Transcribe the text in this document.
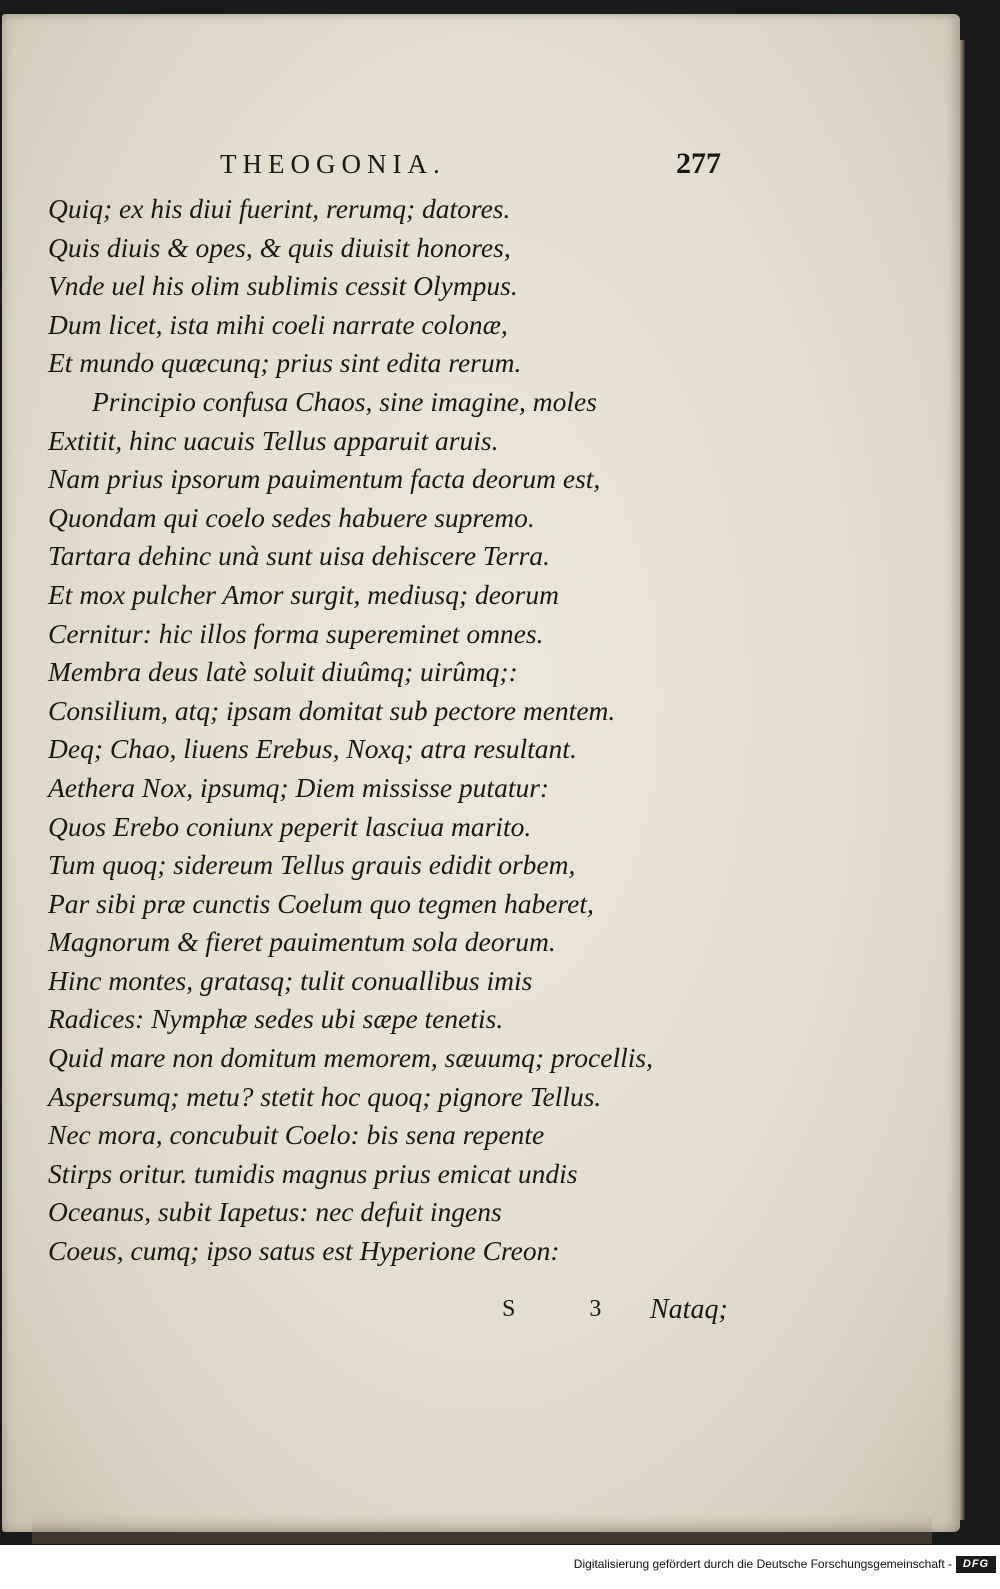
THEOGONIA.	277
Quiq; ex his diui fuerint, rerumq; datores.
Quis diuis & opes, & quis diuisit honores,
Vnde uel his olim sublimis cessit Olympus.
Dum licet, ista mihi coeli narrate colonæ,
Et mundo quæcunq; prius sint edita rerum.
Principio confusa Chaos, sine imagine, moles
Extitit, hinc uacuis Tellus apparuit aruis.
Nam prius ipsorum pauimentum facta deorum est,
Quondam qui coelo sedes habuere supremo.
Tartara dehinc unà sunt uisa dehiscere Terra.
Et mox pulcher Amor surgit, mediusq; deorum
Cernitur: hic illos forma supereminet omnes.
Membra deus latè soluit diuûmq; uirûmq;:
Consilium, atq; ipsam domitat sub pectore mentem.
Deq; Chao, liuens Erebus, Noxq; atra resultant.
Aethera Nox, ipsumq; Diem mississe putatur:
Quos Erebo coniunx peperit lasciua marito.
Tum quoq; sidereum Tellus grauis edidit orbem,
Par sibi præ cunctis Coelum quo tegmen haberet,
Magnorum & fieret pauimentum sola deorum.
Hinc montes, gratasq; tulit conuallibus imis
Radices: Nymphæ sedes ubi sæpe tenetis.
Quid mare non domitum memorem, sæuumq; procellis,
Aspersumq; metu? stetit hoc quoq; pignore Tellus.
Nec mora, concubuit Coelo: bis sena repente
Stirps oritur. tumidis magnus prius emicat undis
Oceanus, subit Iapetus: nec defuit ingens
Coeus, cumq; ipso satus est Hyperione Creon:
S 3 Nataq;
Digitalisierung gefördert durch die Deutsche Forschungsgemeinschaft - DFG
